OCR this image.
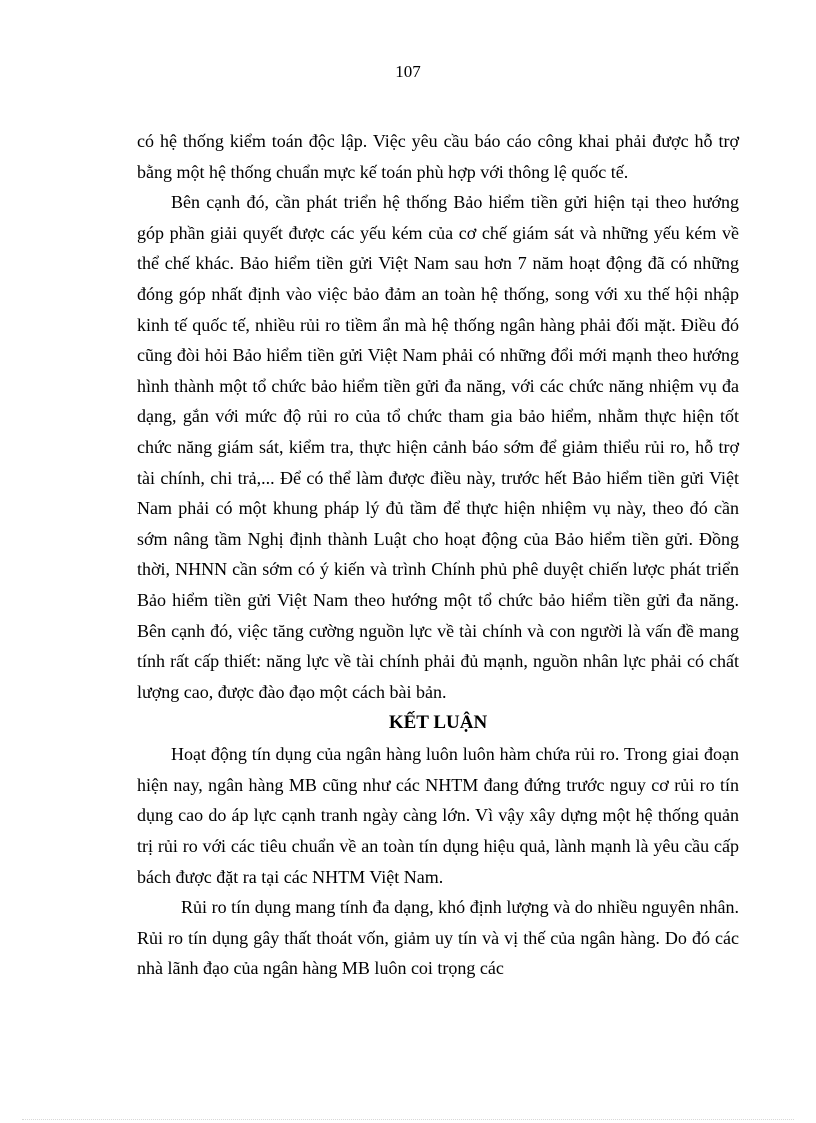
107

có hệ thống kiểm toán độc lập. Việc yêu cầu báo cáo công khai phải được hỗ trợ bằng một hệ thống chuẩn mực kế toán phù hợp với thông lệ quốc tế.

Bên cạnh đó, cần phát triển hệ thống Bảo hiểm tiền gửi hiện tại theo hướng góp phần giải quyết được các yếu kém của cơ chế giám sát và những yếu kém về thể chế khác. Bảo hiểm tiền gửi Việt Nam sau hơn 7 năm hoạt động đã có những đóng góp nhất định vào việc bảo đảm an toàn hệ thống, song với xu thế hội nhập kinh tế quốc tế, nhiều rủi ro tiềm ẩn mà hệ thống ngân hàng phải đối mặt. Điều đó cũng đòi hỏi Bảo hiểm tiền gửi Việt Nam phải có những đổi mới mạnh theo hướng hình thành một tổ chức bảo hiểm tiền gửi đa năng, với các chức năng nhiệm vụ đa dạng, gắn với mức độ rủi ro của tổ chức tham gia bảo hiểm, nhằm thực hiện tốt chức năng giám sát, kiểm tra, thực hiện cảnh báo sớm để giảm thiểu rủi ro, hỗ trợ tài chính, chi trả,... Để có thể làm được điều này, trước hết Bảo hiểm tiền gửi Việt Nam phải có một khung pháp lý đủ tầm để thực hiện nhiệm vụ này, theo đó cần sớm nâng tầm Nghị định thành Luật cho hoạt động của Bảo hiểm tiền gửi. Đồng thời, NHNN cần sớm có ý kiến và trình Chính phủ phê duyệt chiến lược phát triển Bảo hiểm tiền gửi Việt Nam theo hướng một tổ chức bảo hiểm tiền gửi đa năng. Bên cạnh đó, việc tăng cường nguồn lực về tài chính và con người là vấn đề mang tính rất cấp thiết: năng lực về tài chính phải đủ mạnh, nguồn nhân lực phải có chất lượng cao, được đào đạo một cách bài bản.

KẾT LUẬN

Hoạt động tín dụng của ngân hàng luôn luôn hàm chứa rủi ro. Trong giai đoạn hiện nay, ngân hàng MB cũng như các NHTM đang đứng trước nguy cơ rủi ro tín dụng cao do áp lực cạnh tranh ngày càng lớn. Vì vậy xây dựng một hệ thống quản trị rủi ro với các tiêu chuẩn về an toàn tín dụng hiệu quả, lành mạnh là yêu cầu cấp bách được đặt ra tại các NHTM Việt Nam.

Rủi ro tín dụng mang tính đa dạng, khó định lượng và do nhiều nguyên nhân. Rủi ro tín dụng gây thất thoát vốn, giảm uy tín và vị thế của ngân hàng. Do đó các nhà lãnh đạo của ngân hàng MB luôn coi trọng các
